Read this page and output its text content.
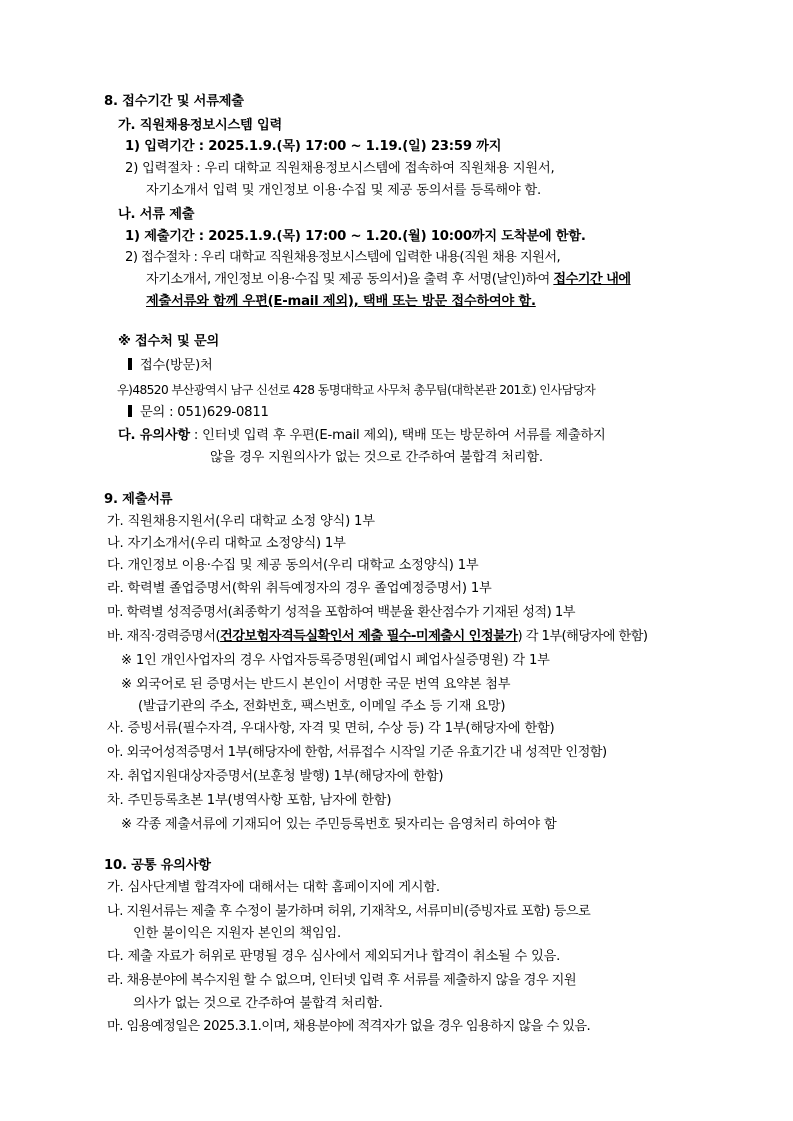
8. 접수기간 및 서류제출
가. 직원채용정보시스템 입력
1) 입력기간 : 2025.1.9.(목) 17:00 ~ 1.19.(일) 23:59 까지
2) 입력절차 : 우리 대학교 직원채용정보시스템에 접속하여 직원채용 지원서,
자기소개서 입력 및 개인정보 이용·수집 및 제공 동의서를 등록해야 함.
나. 서류 제출
1) 제출기간 : 2025.1.9.(목) 17:00 ~ 1.20.(월) 10:00까지 도착분에 한함.
2) 접수절차 : 우리 대학교 직원채용정보시스템에 입력한 내용(직원 채용 지원서,
자기소개서, 개인정보 이용·수집 및 제공 동의서)을 출력 후 서명(날인)하여 접수기간 내에
제출서류와 함께 우편(E-mail 제외), 택배 또는 방문 접수하여야 함.
※ 접수처 및 문의
접수(방문)처
우)48520 부산광역시 남구 신선로 428 동명대학교 사무처 총무팀(대학본관 201호) 인사담당자
문의 : 051)629-0811
다. 유의사항 : 인터넷 입력 후 우편(E-mail 제외), 택배 또는 방문하여 서류를 제출하지
않을 경우 지원의사가 없는 것으로 간주하여 불합격 처리함.
9. 제출서류
가. 직원채용지원서(우리 대학교 소정 양식) 1부
나. 자기소개서(우리 대학교 소정양식) 1부
다. 개인정보 이용·수집 및 제공 동의서(우리 대학교 소정양식) 1부
라. 학력별 졸업증명서(학위 취득예정자의 경우 졸업예정증명서) 1부
마. 학력별 성적증명서(최종학기 성적을 포함하여 백분율 환산점수가 기재된 성적) 1부
바. 재직·경력증명서(건강보험자격득실확인서 제출 필수-미제출시 인정불가) 각 1부(해당자에 한함)
※ 1인 개인사업자의 경우 사업자등록증명원(폐업시 폐업사실증명원) 각 1부
※ 외국어로 된 증명서는 반드시 본인이 서명한 국문 번역 요약본 첨부
(발급기관의 주소, 전화번호, 팩스번호, 이메일 주소 등 기재 요망)
사. 증빙서류(필수자격, 우대사항, 자격 및 면허, 수상 등) 각 1부(해당자에 한함)
아. 외국어성적증명서 1부(해당자에 한함, 서류접수 시작일 기준 유효기간 내 성적만 인정함)
자. 취업지원대상자증명서(보훈청 발행) 1부(해당자에 한함)
차. 주민등록초본 1부(병역사항 포함, 남자에 한함)
※ 각종 제출서류에 기재되어 있는 주민등록번호 뒷자리는 음영처리 하여야 함
10. 공통 유의사항
가. 심사단계별 합격자에 대해서는 대학 홈페이지에 게시함.
나. 지원서류는 제출 후 수정이 불가하며 허위, 기재착오, 서류미비(증빙자료 포함) 등으로
인한 불이익은 지원자 본인의 책임임.
다. 제출 자료가 허위로 판명될 경우 심사에서 제외되거나 합격이 취소될 수 있음.
라. 채용분야에 복수지원 할 수 없으며, 인터넷 입력 후 서류를 제출하지 않을 경우 지원
의사가 없는 것으로 간주하여 불합격 처리함.
마. 임용예정일은 2025.3.1.이며, 채용분야에 적격자가 없을 경우 임용하지 않을 수 있음.
